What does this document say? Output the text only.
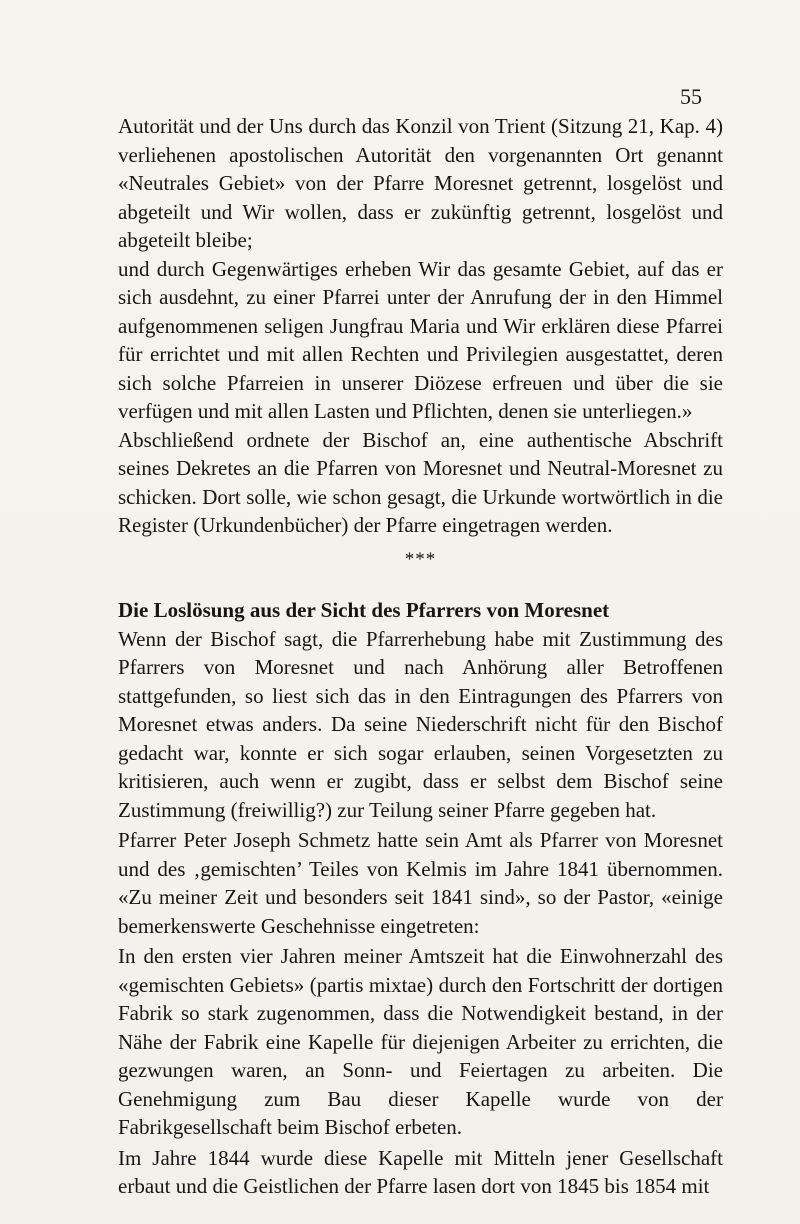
55

Autorität und der Uns durch das Konzil von Trient (Sitzung 21, Kap. 4) verliehenen apostolischen Autorität den vorgenannten Ort genannt «Neutrales Gebiet» von der Pfarre Moresnet getrennt, losgelöst und abgeteilt und Wir wollen, dass er zukünftig getrennt, losgelöst und abgeteilt bleibe;

und durch Gegenwärtiges erheben Wir das gesamte Gebiet, auf das er sich ausdehnt, zu einer Pfarrei unter der Anrufung der in den Himmel aufgenommenen seligen Jungfrau Maria und Wir erklären diese Pfarrei für errichtet und mit allen Rechten und Privilegien ausgestattet, deren sich solche Pfarreien in unserer Diözese erfreuen und über die sie verfügen und mit allen Lasten und Pflichten, denen sie unterliegen.»

Abschließend ordnete der Bischof an, eine authentische Abschrift seines Dekretes an die Pfarren von Moresnet und Neutral-Moresnet zu schicken. Dort solle, wie schon gesagt, die Urkunde wortwörtlich in die Register (Urkundenbücher) der Pfarre eingetragen werden.

***

Die Loslösung aus der Sicht des Pfarrers von Moresnet

Wenn der Bischof sagt, die Pfarrerhebung habe mit Zustimmung des Pfarrers von Moresnet und nach Anhörung aller Betroffenen stattgefunden, so liest sich das in den Eintragungen des Pfarrers von Moresnet etwas anders. Da seine Niederschrift nicht für den Bischof gedacht war, konnte er sich sogar erlauben, seinen Vorgesetzten zu kritisieren, auch wenn er zugibt, dass er selbst dem Bischof seine Zustimmung (freiwillig?) zur Teilung seiner Pfarre gegeben hat.

Pfarrer Peter Joseph Schmetz hatte sein Amt als Pfarrer von Moresnet und des ‚gemischten’ Teiles von Kelmis im Jahre 1841 übernommen. «Zu meiner Zeit und besonders seit 1841 sind», so der Pastor, «einige bemerkenswerte Geschehnisse eingetreten:

In den ersten vier Jahren meiner Amtszeit hat die Einwohnerzahl des «gemischten Gebiets» (partis mixtae) durch den Fortschritt der dortigen Fabrik so stark zugenommen, dass die Notwendigkeit bestand, in der Nähe der Fabrik eine Kapelle für diejenigen Arbeiter zu errichten, die gezwungen waren, an Sonn- und Feiertagen zu arbeiten. Die Genehmigung zum Bau dieser Kapelle wurde von der Fabrikgesellschaft beim Bischof erbeten.

Im Jahre 1844 wurde diese Kapelle mit Mitteln jener Gesellschaft erbaut und die Geistlichen der Pfarre lasen dort von 1845 bis 1854 mit
